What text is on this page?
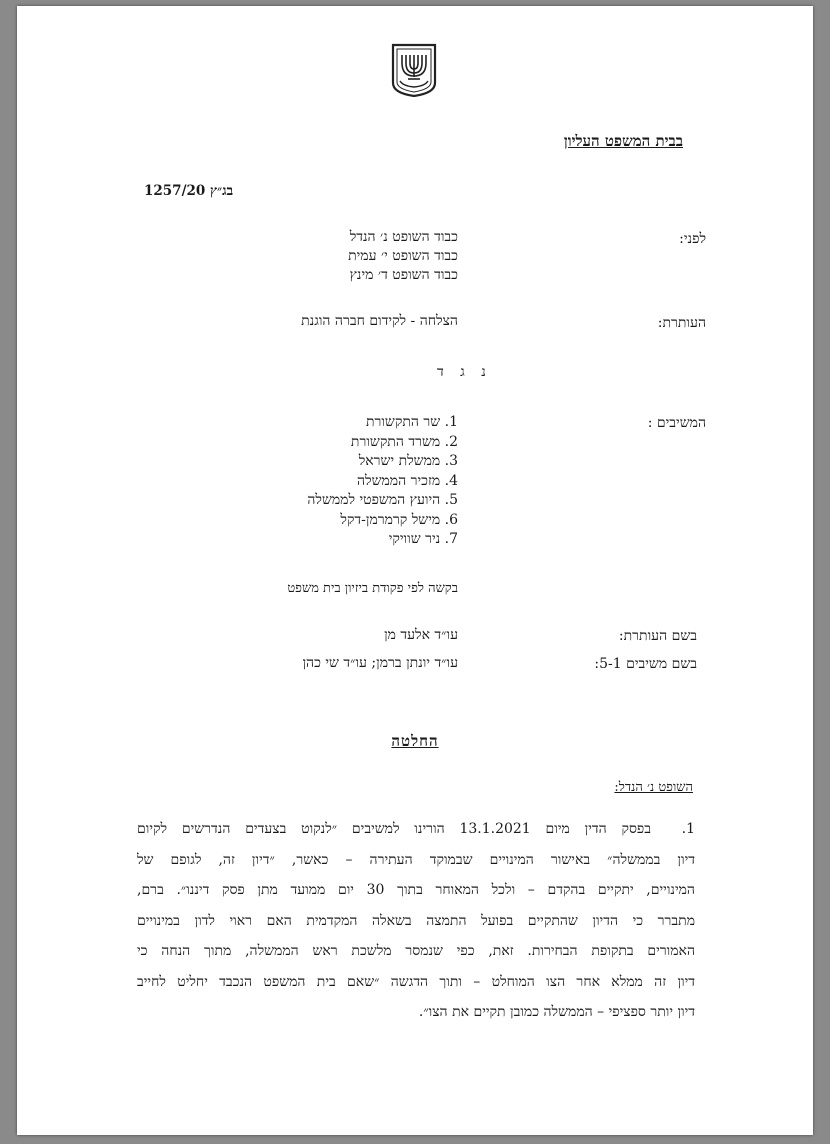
בבית המשפט העליון
בג״ץ 1257/20
לפני:
כבוד השופט נ׳ הנדל
כבוד השופט י׳ עמית
כבוד השופט ד׳ מינץ
העותרת:
הצלחה - לקידום חברה הוגנת
נ ג ד
המשיבים :
1. שר התקשורת
2. משרד התקשורת
3. ממשלת ישראל
4. מזכיר הממשלה
5. היועץ המשפטי לממשלה
6. מישל קרמרמן-דקל
7. ניר שוויקי
בקשה לפי פקודת ביזיון בית משפט
בשם העותרת:
עו״ד אלעד מן
בשם משיבים 5-1:
עו״ד יונתן ברמן; עו״ד שי כהן
החלטה
השופט נ׳ הנדל:
1.בפסק הדין מיום 13.1.2021 הורינו למשיבים ״לנקוט בצעדים הנדרשים לקיום
דיון בממשלה״ באישור המינויים שבמוקד העתירה – כאשר, ״דיון זה, לגופם של
המינויים, יתקיים בהקדם – ולכל המאוחר בתוך 30 יום ממועד מתן פסק דיננו״. ברם,
מתברר כי הדיון שהתקיים בפועל התמצה בשאלה המקדמית האם ראוי לדון במינויים
האמורים בתקופת הבחירות. זאת, כפי שנמסר מלשכת ראש הממשלה, מתוך הנחה כי
דיון זה ממלא אחר הצו המוחלט – ותוך הדגשה ״שאם בית המשפט הנכבד יחליט לחייב
דיון יותר ספציפי – הממשלה כמובן תקיים את הצו״.
